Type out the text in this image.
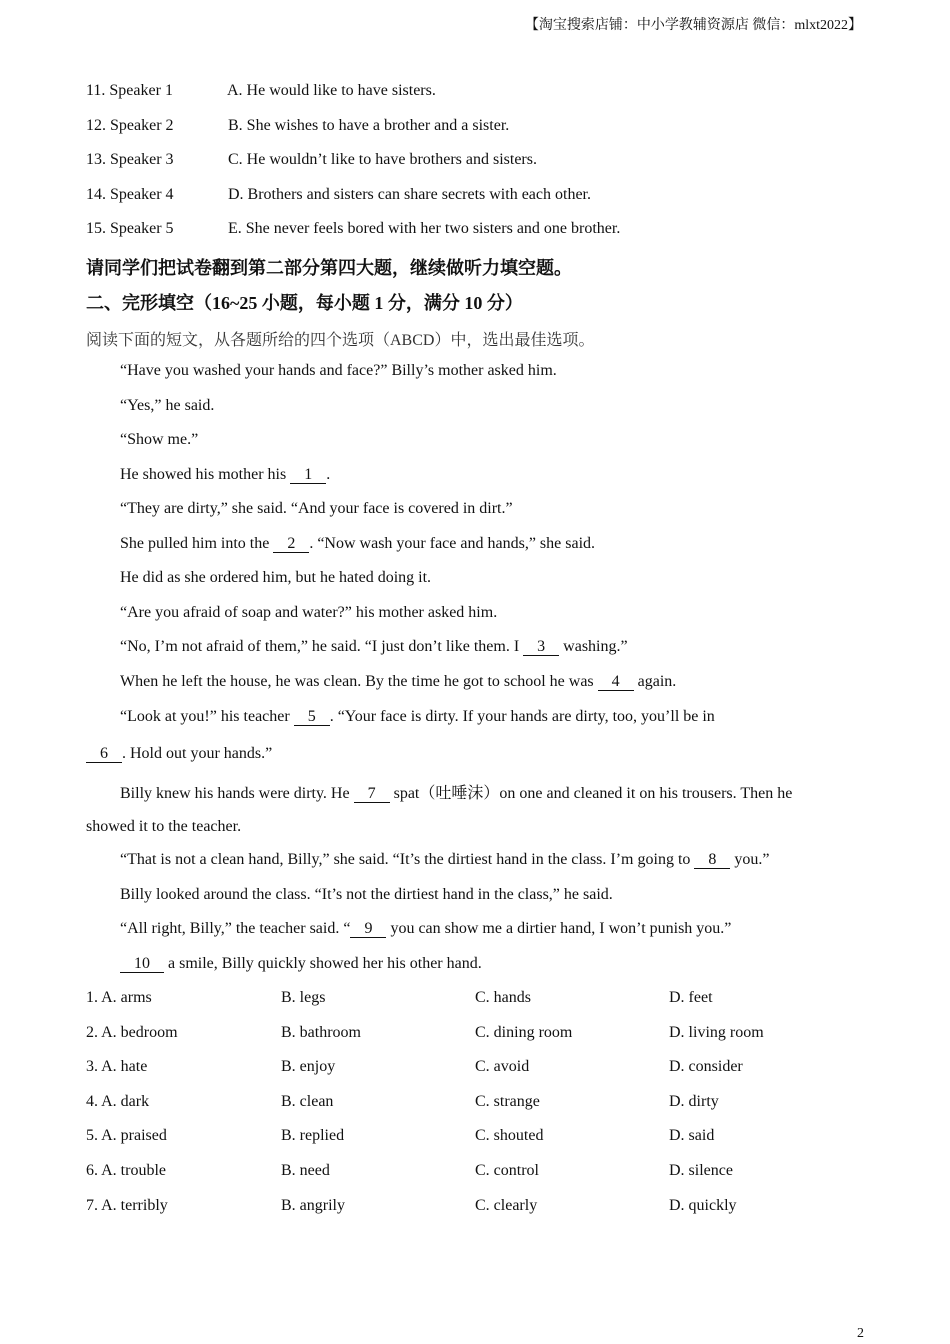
【淘宝搜索店铺：中小学教辅资源店 微信：mlxt2022】
11. Speaker 1	A. He would like to have sisters.
12. Speaker 2	B. She wishes to have a brother and a sister.
13. Speaker 3	C. He wouldn’t like to have brothers and sisters.
14. Speaker 4	D. Brothers and sisters can share secrets with each other.
15. Speaker 5	E. She never feels bored with her two sisters and one brother.
请同学们把试卷翻到第二部分第四大题，继续做听力填空题。
二、完形填空（16~25 小题，每小题 1 分，满分 10 分）
阅读下面的短文，从各题所给的四个选项（ABCD）中，选出最佳选项。
“Have you washed your hands and face?” Billy’s mother asked him.
“Yes,” he said.
“Show me.”
He showed his mother his 1 .
“They are dirty,” she said. “And your face is covered in dirt.”
She pulled him into the 2 . “Now wash your face and hands,” she said.
He did as she ordered him, but he hated doing it.
“Are you afraid of soap and water?” his mother asked him.
“No, I’m not afraid of them,” he said. “I just don’t like them. I 3 washing.”
When he left the house, he was clean. By the time he got to school he was 4 again.
“Look at you!” his teacher 5 . “Your face is dirty. If your hands are dirty, too, you’ll be in
6 . Hold out your hands.”
Billy knew his hands were dirty. He 7 spat（吐唾沫）on one and cleaned it on his trousers. Then he
showed it to the teacher.
“That is not a clean hand, Billy,” she said. “It’s the dirtiest hand in the class. I’m going to 8 you.”
Billy looked around the class. “It’s not the dirtiest hand in the class,” he said.
“All right, Billy,” the teacher said. “ 9 you can show me a dirtier hand, I won’t punish you.”
10 a smile, Billy quickly showed her his other hand.
1. A. arms	B. legs	C. hands	D. feet
2. A. bedroom	B. bathroom	C. dining room	D. living room
3. A. hate	B. enjoy	C. avoid	D. consider
4. A. dark	B. clean	C. strange	D. dirty
5. A. praised	B. replied	C. shouted	D. said
6. A. trouble	B. need	C. control	D. silence
7. A. terribly	B. angrily	C. clearly	D. quickly
2
